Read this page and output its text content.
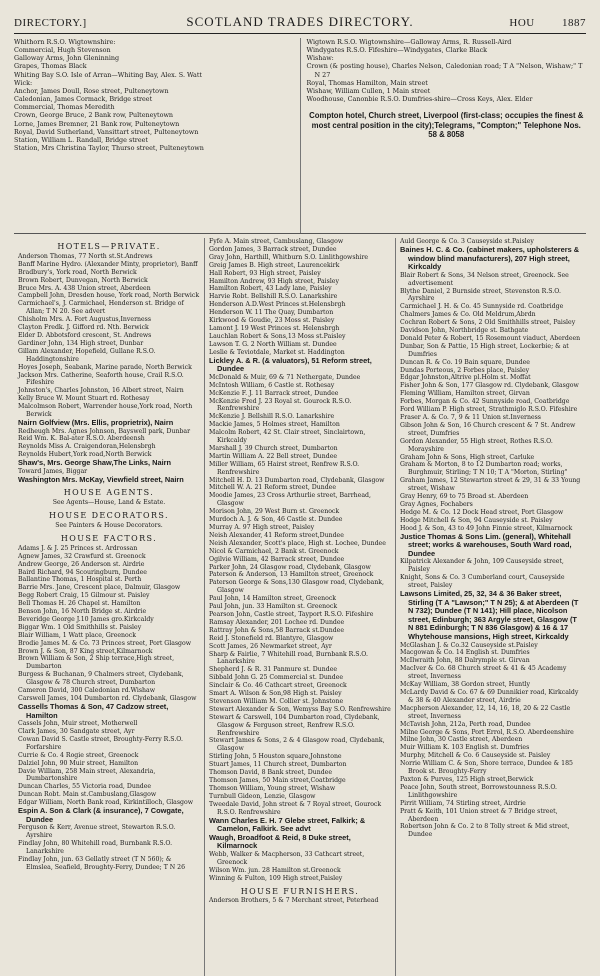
DIRECTORY.]	SCOTLAND TRADES DIRECTORY.	HOU 1887
Whithorn R.S.O. Wigtownshire:
Commercial, Hugh Stevenson
Galloway Arms, John Gleninning
Grapes, Thomas Black
Whiting Bay S.O. Isle of Arran—Whiting Bay, Alex. S. Watt
Wick:
Anchor, James Doull, Rose street, Pulteneytown
Caledonian, James Cormack, Bridge street
Commercial, Thomas Meredith
Crown, George Bruce, 2 Bank row, Pulteneytown
Lorne, James Bremner, 21 Bank row, Pulteneytown
Royal, David Sutherland, Vansittart street, Pulteneytown
Station, William L. Randall, Bridge street
Station, Mrs Christina Taylor, Thurso street, Pulteneytown
Wigtown R.S.O. Wigtownshire—Galloway Arms, R. Russell-Aird
Windygates R.S.O. Fifeshire—Windygates, Clarke Black
Wishaw:
Crown (& posting house), Charles Nelson, Caledonian road; T A "Nelson, Wishaw;" T N 27
Royal, Thomas Hamilton, Main street
Wishaw, William Cullen, 1 Main street
Woodhouse, Canonbie R.S.O. Dumfries-shire—Cross Keys, Alex. Elder
Compton hotel, Church street, Liverpool (first-class; occupies the finest & most central position in the city);Telegrams, "Compton;" Telephone Nos. 58 & 8058
HOTELS—PRIVATE.
Anderson Thomas, 77 North st.St.Andrews
Banff Marine Hydro. (Alexander Minty, proprietor), Banff
Bradbury's, York road, North Berwick
Brown Robert, Dunvegan, North Berwick
Bruce Mrs. A. 438 Union street, Aberdeen
Campbell John, Dresden house, York road, North Berwick
Carmichael's, J. Carmichael, Henderson st. Bridge of Allan; T N 20. See advert
Chisholm Mrs. A. Fort Augustus,Inverness
Clayton Fredk. J. Gifford rd. Nth. Berwick
Elder D. Abbotsford crescent, St. Andrews
Gardiner John, 134 High street, Dunbar
Gillam Alexander, Hopefield, Gullane R.S.O. Haddingtonshire
Hoyes Joseph, Seabank, Marine parade, North Berwick
Jackson Mrs. Catherine, Seaforth house, Crail R.S.O. Fifeshire
Johnston's, Charles Johnston, 16 Albert street, Nairn
Kelly Bruce W. Mount Stuart rd. Rothesay
Malcolmson Robert, Warrender house,York road, North Berwick
Nairn Golfview (Mrs. Ellis, proprietrix), Nairn
Redheugh Mrs. Agnes Johnson, Bayswell park, Dunbar
Reid Wm. K. Bal-ater R.S.O. Aberdeensh
Reynolds Miss A. Craigendoran,Helensbrgh
Reynolds Hubert,York road,North Berwick
Shaw's, Mrs. George Shaw,The Links, Nairn
Toward James, Biggar
Washington Mrs. McKay, Viewfield street, Nairn
HOUSE AGENTS.
See Agents—House, Land & Estate.
HOUSE DECORATORS.
See Painters & House Decorators.
HOUSE FACTORS.
Adams J. & J. 25 Princes st. Ardrossan
Agnew James, 32 Crawfurd st. Greenock
Andrew George, 26 Anderson st. Airdrie
Baird Richard, 94 Scouringburn, Dundee
Ballantine Thomas, 1 Hospital st. Perth
Barrie Mrs. Jane, Crescent place, Dalmuir, Glasgow
Begg Robert Craig, 15 Gilmour st. Paisley
Bell Thomas H. 26 Chapel st. Hamilton
Benson John, 16 North Bridge st. Airdrie
Beveridge George J.10 James gro.Kirkcaldy
Biggar Wm. 1 Old Smithhills st. Paisley
Blair William, 1 Watt place, Greenock
Brodie James M. & Co. 73 Princes street, Port Glasgow
Brown J. & Son, 87 King street,Kilmarnock
Brown William & Son, 2 Ship terrace,High street, Dumbarton
Burgess & Buchanan, 9 Chalmers street, Clydebank, Glasgow & 78 Church street, Dumbarton
Cameron David, 300 Caledonian rd.Wishaw
Carswell James, 104 Dumbarton rd. Clydebank, Glasgow
Cassells Thomas & Son, 47 Cadzow street, Hamilton
Cassels John, Muir street, Motherwell
Clark James, 30 Sandgate street, Ayr
Cowan David S. Castle street, Broughty-Ferry R.S.O. Forfarshire
Currie & Co. 4 Rogie street, Greenock
Dalziel John, 90 Muir street, Hamilton
Davie William, 258 Main street, Alexandria, Dumbartonshire
Duncan Charles, 55 Victoria road, Dundee
Duncan Robt. Main st.Cambuslang,Glasgow
Edgar William, North Bank road, Kirkintilloch, Glasgow
Espin A. Son & Clark (& insurance), 7 Cowgate, Dundee
Ferguson & Kerr, Avenue street, Stewarton R.S.O. Ayrshire
Findlay John, 80 Whitehill road, Burnbank R.S.O. Lanarkshire
Findlay John, jun. 63 Gellatly street (T N 560); & Elmslea, Seafield, Broughty-Ferry, Dundee; T N 26
Fyfe A. Main street, Cambuslang, Glasgow
Gordon James, 3 Barrack street, Dundee
Gray John, Harthill, Whitburn S.O. Linlithgowshire
Greig James B. High street, Laurencekirk
Hall Robert, 93 High street, Paisley
Hamilton Andrew, 93 High street, Paisley
Hamilton Robert, 43 Lady lane, Paisley
Harvie Robt. Bellshill R.S.O. Lanarkshire
Henderson A.D.West Princes st.Helensbrgh
Henderson W. 11 The Quay, Dumbarton
Kirkwood & Goudie, 23 Moss st. Paisley
Lamont J. 19 West Princes st. Helensbrgh
Lauchlan Robert & Sons,13 Moss st.Paisley
Lawson T. G. 2 North William st. Dundee
Leslie & Teviotdale, Market st. Haddington
Lickley A. & R. (& valuators), 51 Reform street, Dundee
McDonald & Muir, 69 & 71 Nethergate, Dundee
McIntosh William, 6 Castle st. Rothesay
McKenzie F. J. 11 Barrack street, Dundee
McKenzie Fred J. 23 Royal st. Gourock R.S.O. Renfrewshire
McKenzie J. Bellshill R.S.O. Lanarkshire
Mackie James, 5 Holmes street, Hamilton
Malcolm Robert, 42 St. Clair street, Sinclairtown, Kirkcaldy
Marshall J. 39 Church street, Dumbarton
Martin William A. 22 Bell street, Dundee
Miller William, 65 Hairst street, Renfrew R.S.O. Renfrewshire
Mitchell H. D. 13 Dumbarton road, Clydebank, Glasgow
Mitchell W. A. 21 Reform street, Dundee
Moodie James, 23 Cross Arthurlie street, Barrhead, Glasgow
Morison John, 29 West Burn st. Greenock
Murdoch A. J. & Son, 46 Castle st. Dundee
Murray A. 97 High street, Paisley
Neish Alexander, 41 Reform street,Dundee
Neish Alexander, Scott's place, High st. Lochee, Dundee
Nicol & Carmichael, 2 Bank st. Greenock
Ogilvie William, 42 Barrack street, Dundee
Parker John, 24 Glasgow road, Clydebank, Glasgow
Paterson & Anderson, 13 Hamilton street, Greenock
Paterson George & Sons,130 Glasgow road, Clydebank, Glasgow
Paul John, 14 Hamilton street, Greenock
Paul John, jun. 33 Hamilton st. Greenock
Pearson John, Castle street, Tayport R.S.O. Fifeshire
Ramsay Alexander, 201 Lochee rd. Dundee
Rattray John & Sons,58 Barrack st.Dundee
Reid J. Stonefield rd. Blantyre, Glasgow
Scott James, 26 Newmarket street, Ayr
Sharp & Fairlie, 7 Whitehill road, Burnbank R.S.O. Lanarkshire
Shepherd J. & R. 31 Panmure st. Dundee
Sibbald John G. 25 Commercial st. Dundee
Sinclair & Co. 46 Cathcart street, Greenock
Smart A. Wilson & Son,98 High st. Paisley
Stevenson William M. Collier st. Johnstone
Stewart Alexander & Son, Wemyss Bay S.O. Renfrewshire
Stewart & Carswell, 104 Dumbarton road, Clydebank, Glasgow & Ferguson street, Renfrew R.S.O. Renfrewshire
Stewart James & Sons, 2 & 4 Glasgow road, Clydebank, Glasgow
Stirling John, 5 Houston square,Johnstone
Stuart James, 11 Church street, Dumbarton
Thomson David, 8 Bank street, Dundee
Thomson James, 50 Main street,Coatbridge
Thomson William, Young street, Wishaw
Turnbull Gideon, Lenzie, Glasgow
Tweedale David, John street & 7 Royal street, Gourock R.S.O. Renfrewshire
Wann Charles E. H. 7 Glebe street, Falkirk; & Camelon, Falkirk. See advt
Waugh, Broadfoot & Reid, 8 Duke street, Kilmarnock
Webb, Walker & Macpherson, 33 Cathcart street, Greenock
Wilson Wm. jun. 28 Hamilton st.Greenock
Winning & Fulton, 109 High street,Paisley
HOUSE FURNISHERS.
Anderson Brothers, 5 & 7 Merchant street, Peterhead
Auld George & Co. 3 Causeyside st.Paisley
Baines H. C. & Co. (cabinet makers, upholsterers & window blind manufacturers), 207 High street, Kirkcaldy
Blair Robert & Sons, 34 Nelson street, Greenock. See advertisement
Blythe Daniel, 2 Burnside street, Stevenston R.S.O. Ayrshire
Carmichael J. H. & Co. 45 Sunnyside rd. Coatbridge
Chalmers James & Co. Old Meldrum,Abrdn
Cochran Robert & Sons, 2 Old Smithhills street, Paisley
Davidson John, Northbridge st. Bathgate
Donald Peter & Robert, 15 Rosemount viaduct, Aberdeen
Dunbar, Son & Pattie, 15 High street, Lockerbie; & at Dumfries
Duncan R. & Co. 19 Bain square, Dundee
Dundas Porteous, 2 Forbes place, Paisley
Edgar Johnston,Altrive pl.Holm st. Moffat
Fisher John & Son, 177 Glasgow rd. Clydebank, Glasgow
Fleming William, Hamilton street, Girvan
Forbes, Morgan & Co. 42 Sunnyside road, Coatbridge
Ford William P. High street, Strathmiglo R.S.O. Fifeshire
Fraser A. & Co. 7, 9 & 11 Union st.Inverness
Gibson John & Son, 16 Church crescent & 7 St. Andrew street, Dumfries
Gordon Alexander, 55 High street, Rothes R.S.O. Morayshire
Graham John & Sons, High street, Carluke
Graham & Morton, 8 to 12 Dumbarton road; works, Burghmuir, Stirling; T N 10; T A "Morton, Stirling"
Graham James, 12 Stewarton street & 29, 31 & 33 Young street, Wishaw
Gray Henry, 69 to 75 Broad st. Aberdeen
Gray Agnes, Fochabers
Hedge M. & Co. 12 Dock Head street, Port Glasgow
Hodge Mitchell & Son, 94 Causeyside st. Paisley
Hood J. & Son, 43 to 49 John Finnie street, Kilmarnock
Justice Thomas & Sons Lim. (general), Whitehall street; works & warehouses, South Ward road, Dundee
Kilpatrick Alexander & John, 109 Causeyside street, Paisley
Knight, Sons & Co. 3 Cumberland court, Causeyside street, Paisley
Lawsons Limited, 25, 32, 34 & 36 Baker street, Stirling (T A "Lawson;" T N 25); & at Aberdeen (T N 732); Dundee (T N 141); Hill place, Nicolson street, Edinburgh; 363 Argyle street, Glasgow (T N 881 Edinburgh; T N 836 Glasgow) & 16 & 17 Whytehouse mansions, High street, Kirkcaldy
McGlashan J. & Co.32 Causeyside st.Paisley
Macgowan & Co. 14 English st. Dumfries
McIlwraith John, 88 Dalrymple st. Girvan
MacIver & Co. 68 Church street & 41 & 45 Academy street, Inverness
McKay William, 38 Gordon street, Huntly
McLardy David & Co. 67 & 69 Dunnikier road, Kirkcaldy & 38 & 40 Alexander street, Airdrie
Macpherson Alexander, 12, 14, 16, 18, 20 & 22 Castle street, Inverness
McTavish John, 212a, Perth road, Dundee
Milne George & Sons, Port Errol, R.S.O. Aberdeenshire
Milne John, 30 Castle street, Aberdeen
Muir William K. 103 English st. Dumfries
Murphy, Mitchell & Co. 6 Causeyside st. Paisley
Norrie William C. & Son, Shore terrace, Dundee & 185 Brook st. Broughty-Ferry
Paxton & Purves, 125 High street,Berwick
Peace John, South street, Borrowstounness R.S.O. Linlithgowshire
Pirrit William, 74 Stirling street, Airdrie
Pratt & Keith, 101 Union street & 7 Bridge street, Aberdeen
Robertson John & Co. 2 to 8 Tolly street & Mid street, Dundee
